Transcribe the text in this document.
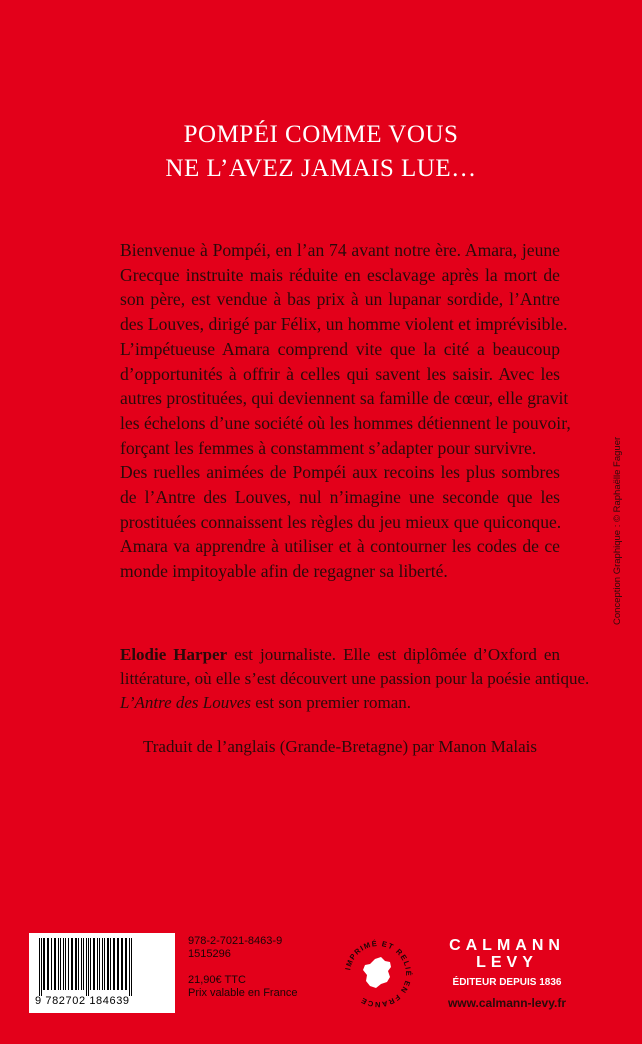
POMPÉI COMME VOUS
NE L’AVEZ JAMAIS LUE…
Bienvenue à Pompéi, en l’an 74 avant notre ère. Amara, jeune
Grecque instruite mais réduite en esclavage après la mort de
son père, est vendue à bas prix à un lupanar sordide, l’Antre
des Louves, dirigé par Félix, un homme violent et imprévisible.
L’impétueuse Amara comprend vite que la cité a beaucoup
d’opportunités à offrir à celles qui savent les saisir. Avec les
autres prostituées, qui deviennent sa famille de cœur, elle gravit
les échelons d’une société où les hommes détiennent le pouvoir,
forçant les femmes à constamment s’adapter pour survivre.
Des ruelles animées de Pompéi aux recoins les plus sombres
de l’Antre des Louves, nul n’imagine une seconde que les
prostituées connaissent les règles du jeu mieux que quiconque.
Amara va apprendre à utiliser et à contourner les codes de ce
monde impitoyable afin de regagner sa liberté.
Elodie Harper est journaliste. Elle est diplômée d’Oxford en
littérature, où elle s’est découvert une passion pour la poésie antique.
L’Antre des Louves est son premier roman.
Traduit de l’anglais (Grande-Bretagne) par Manon Malais
Conception Graphique : © Raphaëlle Faguer
9 782702 184639
978-2-7021-8463-9
1515296
21,90€ TTC
Prix valable en France
IMPRIMÉ ET RELIÉ EN FRANCE
CALMANN
LEVY
ÉDITEUR DEPUIS 1836
www.calmann-levy.fr
